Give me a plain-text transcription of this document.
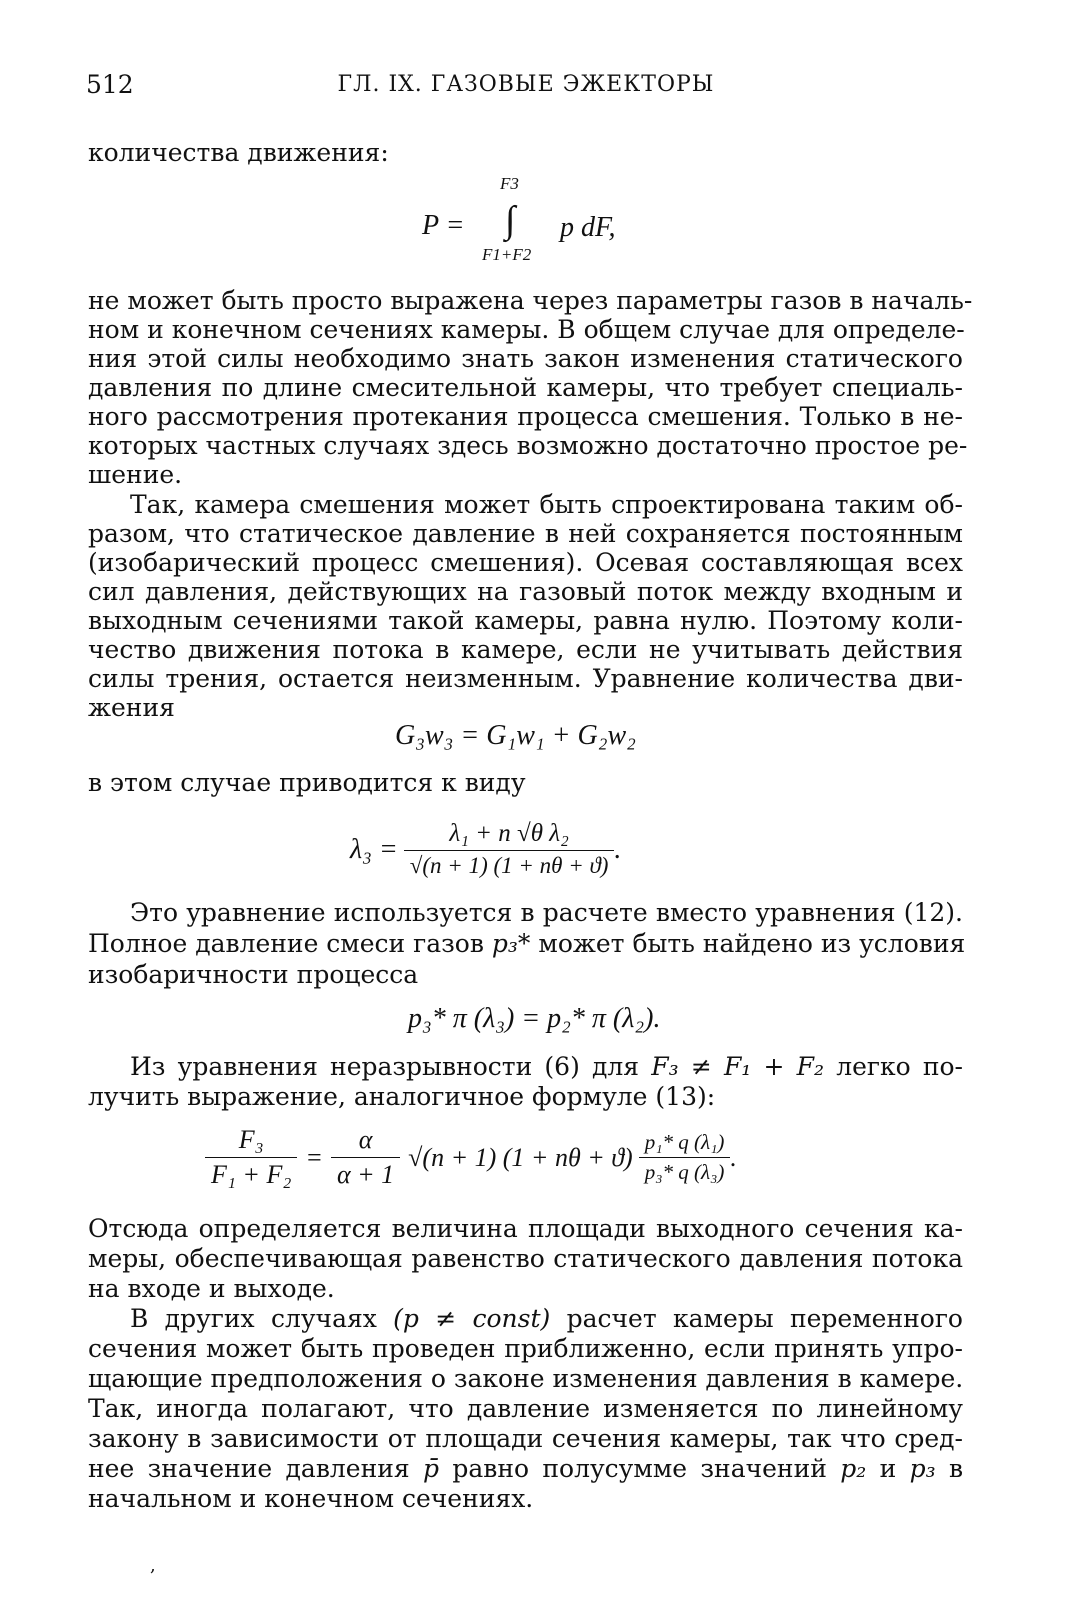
512	ГЛ. IX. ГАЗОВЫЕ ЭЖЕКТОРЫ
количества движения:
F3
P = ∫ p dF,
F1+F2
не может быть просто выражена через параметры газов в началь-
ном и конечном сечениях камеры. В общем случае для определе-
ния этой силы необходимо знать закон изменения статического
давления по длине смесительной камеры, что требует специаль-
ного рассмотрения протекания процесса смешения. Только в не-
которых частных случаях здесь возможно достаточно простое ре-
шение.
Так, камера смешения может быть спроектирована таким об-
разом, что статическое давление в ней сохраняется постоянным
(изобарический процесс смешения). Осевая составляющая всех
сил давления, действующих на газовый поток между входным и
выходным сечениями такой камеры, равна нулю. Поэтому коли-
чество движения потока в камере, если не учитывать действия
силы трения, остается неизменным. Уравнение количества дви-
жения
G₃w₃ = G₁w₁ + G₂w₂
в этом случае приводится к виду
$\lambda_3 = \frac{\text{λ₁ + n √θ λ₂}}{√(n + 1) (1 + n\theta + ϑ)}$ .
Это уравнение используется в расчете вместо уравнения (12).
Полное давление смеси газов p₃* может быть найдено из условия
изобаричности процесса
p₃* π (λ₃) = p₂* π (λ₂).
Из уравнения неразрывности (6) для F₃ ≠ F₁ + F₂ легко по-
лучить выражение, аналогичное формуле (13):
$\frac{\text{F₃}}{\text{F₁ + F₂}} = \frac{\alpha}{\alpha + 1} √(n + 1) (1 + n\theta + ϑ) \frac{\text{p₁* q (λ₁)}}{\text{p₃* q (λ₃)}}$ .
Отсюда определяется величина площади выходного сечения ка-
меры, обеспечивающая равенство статического давления потока
на входе и выходе.
В других случаях (p ≠ const) расчет камеры переменного
сечения может быть проведен приближенно, если принять упро-
щающие предположения о законе изменения давления в камере.
Так, иногда полагают, что давление изменяется по линейному
закону в зависимости от площади сечения камеры, так что сред-
нее значение давления p̄ равно полусумме значений p₂ и p₃ в
начальном и конечном сечениях.
,
